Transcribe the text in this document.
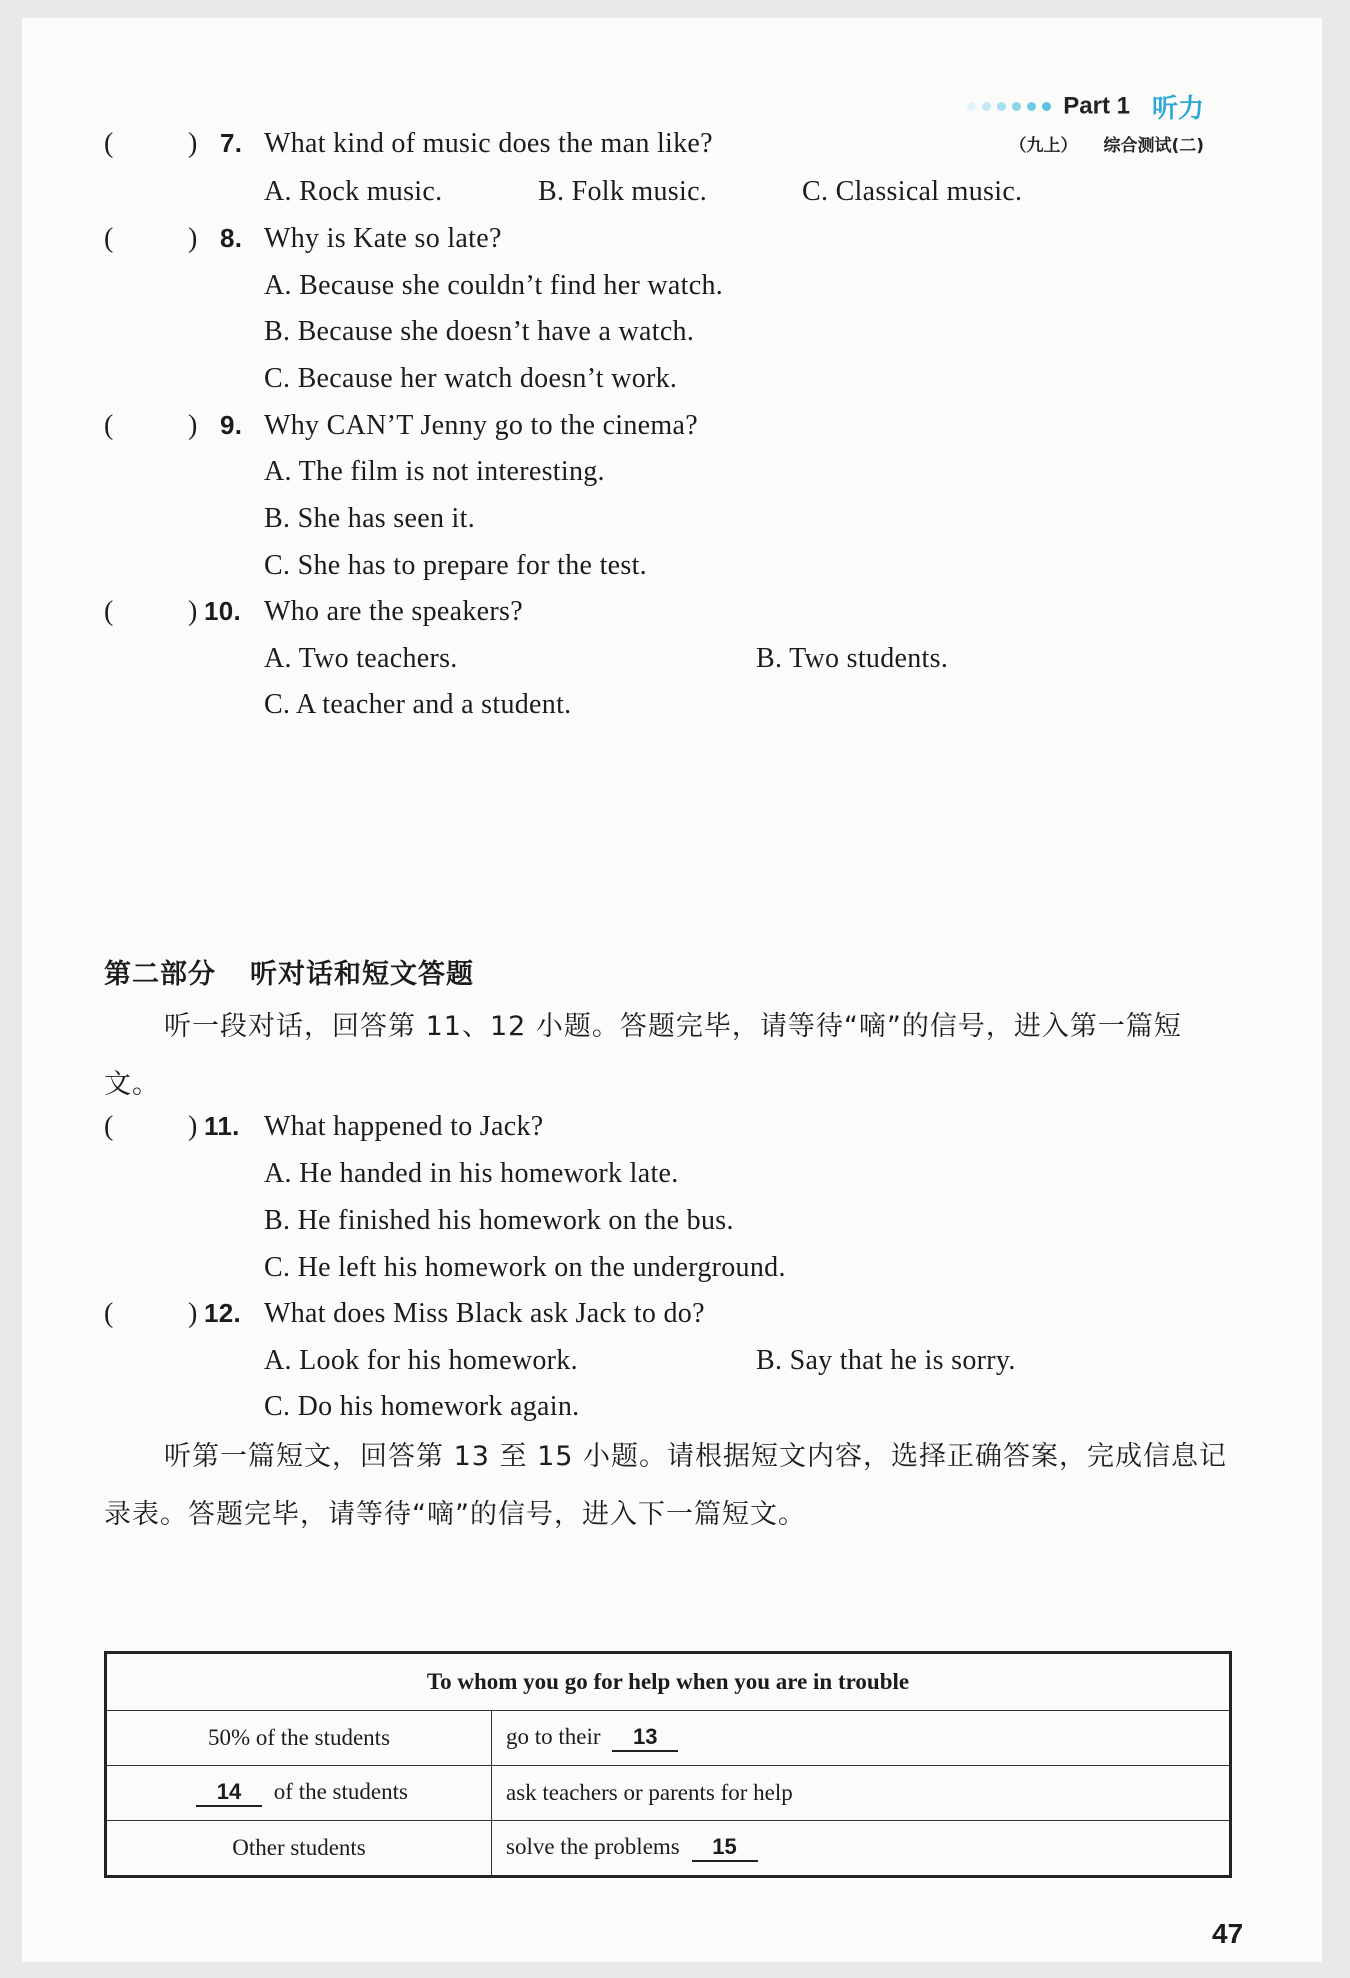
Part 1 听力
（九上） 综合测试(二)
(	) 7. What kind of music does the man like?
A. Rock music.	B. Folk music.	C. Classical music.
(	) 8. Why is Kate so late?
A. Because she couldn’t find her watch.
B. Because she doesn’t have a watch.
C. Because her watch doesn’t work.
(	) 9. Why CAN’T Jenny go to the cinema?
A. The film is not interesting.
B. She has seen it.
C. She has to prepare for the test.
(	) 10. Who are the speakers?
A. Two teachers.	B. Two students.
C. A teacher and a student.
第二部分 听对话和短文答题
听一段对话，回答第 11、12 小题。答题完毕，请等待“嘀”的信号，进入第一篇短文。
(	) 11. What happened to Jack?
A. He handed in his homework late.
B. He finished his homework on the bus.
C. He left his homework on the underground.
(	) 12. What does Miss Black ask Jack to do?
A. Look for his homework.	B. Say that he is sorry.
C. Do his homework again.
听第一篇短文，回答第 13 至 15 小题。请根据短文内容，选择正确答案，完成信息记录表。答题完毕，请等待“嘀”的信号，进入下一篇短文。
To whom you go for help when you are in trouble	
50% of the students	go to their 13
14 of the students	ask teachers or parents for help
Other students	solve the problems 15
47
